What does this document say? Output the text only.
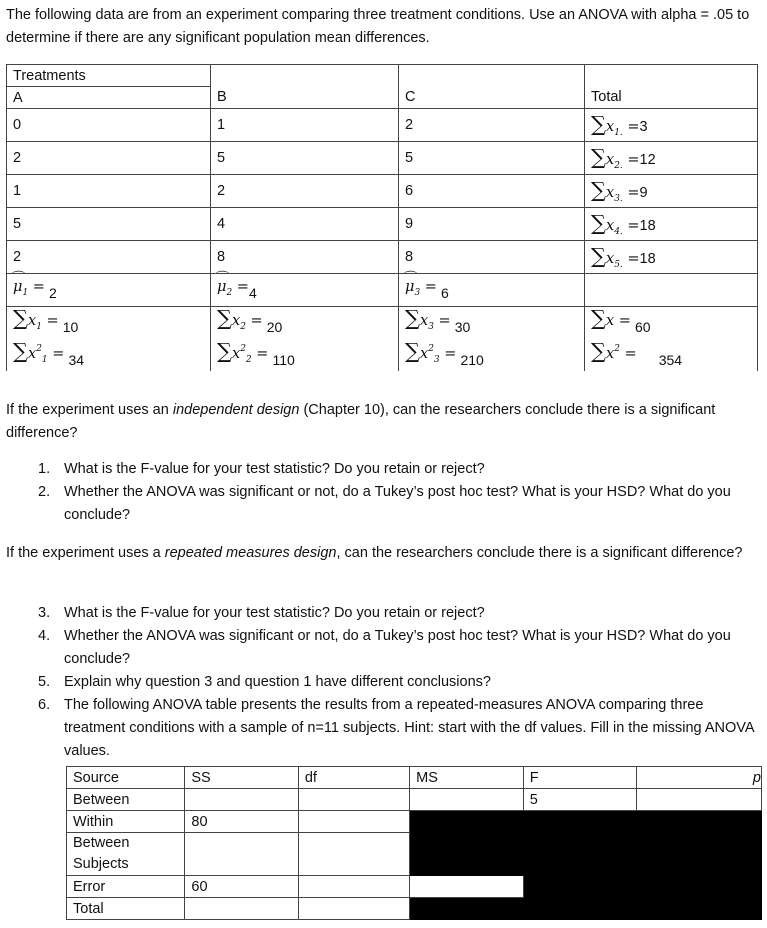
The following data are from an experiment comparing three treatment conditions. Use an ANOVA with alpha = .05 to determine if there are any significant population mean differences.

Treatments			
A	B	C	Total
0	1	2	$\sum x_{1.} =3$
2	5	5	$\sum x_{2.} =12$
1	2	6	$\sum x_{3.} =9$
5	4	9	$\sum x_{4.} =18$
2	8	8	$\sum x_{5.} =18$
⌒ $\mu_1 = 2$	⌒ $\mu_2 =4$	⌒ $\mu_3 = 6$	
$\sum x_1 = 10$	$\sum x_2 = 20$	$\sum x_3 = 30$	∑x = 60
$\sum x^2_1 = 34$	$\sum x^2_2 = 110$	$\sum x^2_3 = 210$	$\sum x^2 = 354$

If the experiment uses an independent design (Chapter 10), can the researchers conclude there is a significant difference?

1. What is the F-value for your test statistic? Do you retain or reject?
2. Whether the ANOVA was significant or not, do a Tukey’s post hoc test? What is your HSD? What do you conclude?

If the experiment uses a repeated measures design, can the researchers conclude there is a significant difference?

3. What is the F-value for your test statistic? Do you retain or reject?
4. Whether the ANOVA was significant or not, do a Tukey’s post hoc test? What is your HSD? What do you conclude?
5. Explain why question 3 and question 1 have different conclusions?
6. The following ANOVA table presents the results from a repeated-measures ANOVA comparing three treatment conditions with a sample of n=11 subjects. Hint: start with the df values. Fill in the missing ANOVA values.
Source	SS	df	MS	F	p
Between				5	
Within	80				
Between Subjects					
Error	60				
Total					
